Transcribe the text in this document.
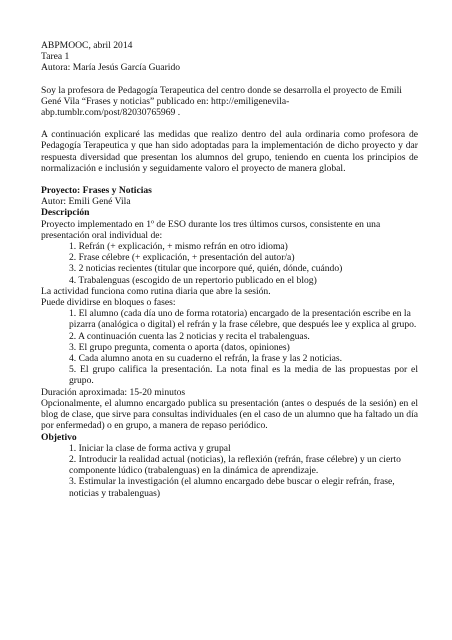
ABPMOOC, abril 2014

Tarea 1

Autora: María Jesús García Guarido

Soy la profesora de Pedagogía Terapeutica del centro donde se desarrolla el proyecto de Emili Gené Vila “Frases y noticias” publicado en: http://emiligenevila-abp.tumblr.com/post/82030765969 .

A continuación explicaré las medidas que realizo dentro del aula ordinaria como profesora de Pedagogía Terapeutica y que han sido adoptadas para la implementación de dicho proyecto y dar respuesta diversidad que presentan los alumnos del grupo, teniendo en cuenta los principios de normalización e inclusión y seguidamente valoro el proyecto de manera global.

Proyecto: Frases y Noticias

Autor: Emili Gené Vila

Descripción

Proyecto implementado en 1º de ESO durante los tres últimos cursos, consistente en una

presentación oral individual de:

1. Refrán (+ explicación, + mismo refrán en otro idioma)

2. Frase célebre (+ explicación, + presentación del autor/a)

3. 2 noticias recientes (titular que incorpore qué, quién, dónde, cuándo)

4. Trabalenguas (escogido de un repertorio publicado en el blog)

La actividad funciona como rutina diaria que abre la sesión.

Puede dividirse en bloques o fases:

1. El alumno (cada día uno de forma rotatoria) encargado de la presentación escribe en la

pizarra (analógica o digital) el refrán y la frase célebre, que después lee y explica al grupo.

2. A continuación cuenta las 2 noticias y recita el trabalenguas.

3. El grupo pregunta, comenta o aporta (datos, opiniones)

4. Cada alumno anota en su cuaderno el refrán, la frase y las 2 noticias.

5. El grupo califica la presentación. La nota final es la media de las propuestas por el grupo.

Duración aproximada: 15-20 minutos

Opcionalmente, el alumno encargado publica su presentación (antes o después de la sesión) en el blog de clase, que sirve para consultas individuales (en el caso de un alumno que ha faltado un día por enfermedad) o en grupo, a manera de repaso periódico.

Objetivo

1. Iniciar la clase de forma activa y grupal

2. Introducir la realidad actual (noticias), la reflexión (refrán, frase célebre) y un cierto componente lúdico (trabalenguas) en la dinámica de aprendizaje.

3. Estimular la investigación (el alumno encargado debe buscar o elegir refrán, frase, noticias y trabalenguas)
